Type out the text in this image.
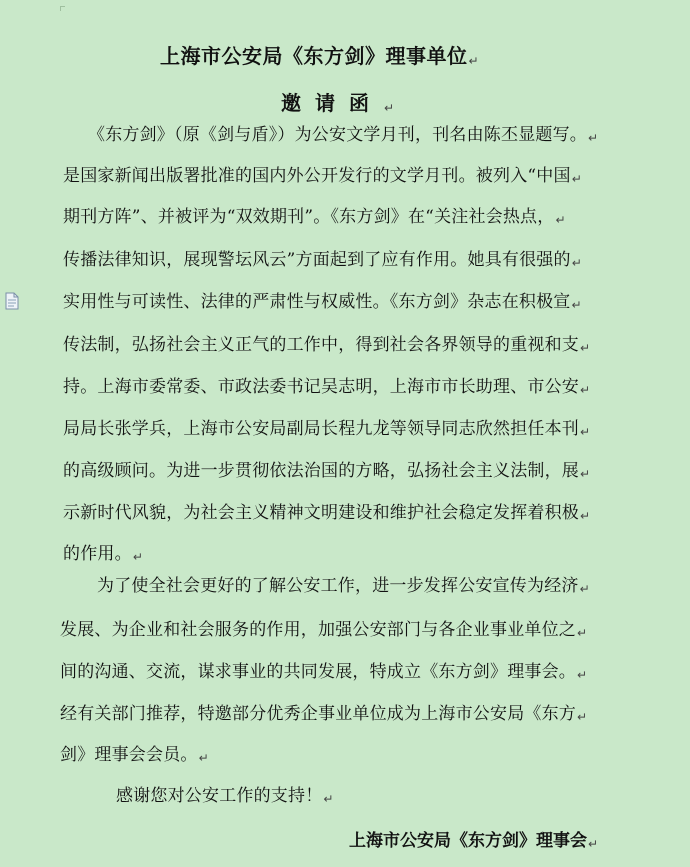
上海市公安局《东方剑》理事单位↵
邀请函↵
《东方剑》（原《剑与盾》）为公安文学月刊，刊名由陈丕显题写。↵
是国家新闻出版署批准的国内外公开发行的文学月刊。被列入“中国↵
期刊方阵”、并被评为“双效期刊”。《东方剑》在“关注社会热点，↵
传播法律知识，展现警坛风云”方面起到了应有作用。她具有很强的↵
实用性与可读性、法律的严肃性与权威性。《东方剑》杂志在积极宣↵
传法制，弘扬社会主义正气的工作中，得到社会各界领导的重视和支↵
持。上海市委常委、市政法委书记吴志明，上海市市长助理、市公安↵
局局长张学兵，上海市公安局副局长程九龙等领导同志欣然担任本刊↵
的高级顾问。为进一步贯彻依法治国的方略，弘扬社会主义法制，展↵
示新时代风貌，为社会主义精神文明建设和维护社会稳定发挥着积极↵
的作用。↵
为了使全社会更好的了解公安工作，进一步发挥公安宣传为经济↵
发展、为企业和社会服务的作用，加强公安部门与各企业事业单位之↵
间的沟通、交流，谋求事业的共同发展，特成立《东方剑》理事会。↵
经有关部门推荐，特邀部分优秀企事业单位成为上海市公安局《东方↵
剑》理事会会员。↵
感谢您对公安工作的支持！↵
上海市公安局《东方剑》理事会↵
